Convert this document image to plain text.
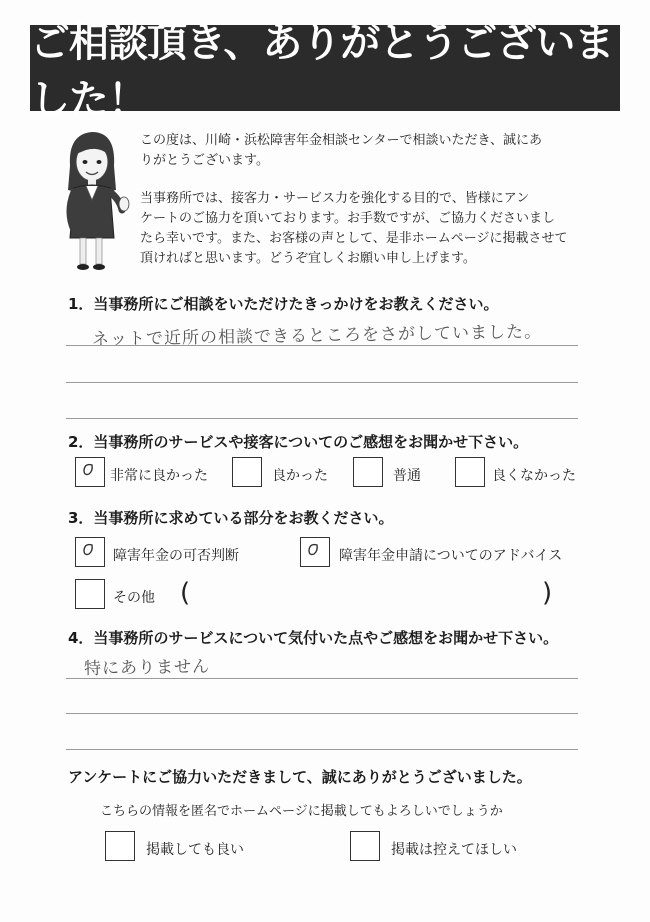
ご相談頂き、ありがとうございました！
この度は、川崎・浜松障害年金相談センターで相談いただき、誠にあ
りがとうございます。
当事務所では、接客力・サービス力を強化する目的で、皆様にアン
ケートのご協力を頂いております。お手数ですが、ご協力くださいまし
たら幸いです。また、お客様の声として、是非ホームページに掲載させて
頂ければと思います。どうぞ宜しくお願い申し上げます。
1．当事務所にご相談をいただけたきっかけをお教えください。
ネットで近所の相談できるところをさがしていました。
2．当事務所のサービスや接客についてのご感想をお聞かせ下さい。
非常に良かった	良かった	普通	良くなかった
3．当事務所に求めている部分をお教ください。
障害年金の可否判断	障害年金申請についてのアドバイス
その他 (	)
4．当事務所のサービスについて気付いた点やご感想をお聞かせ下さい。
特にありません
アンケートにご協力いただきまして、誠にありがとうございました。
こちらの情報を匿名でホームページに掲載してもよろしいでしょうか
掲載しても良い	掲載は控えてほしい
